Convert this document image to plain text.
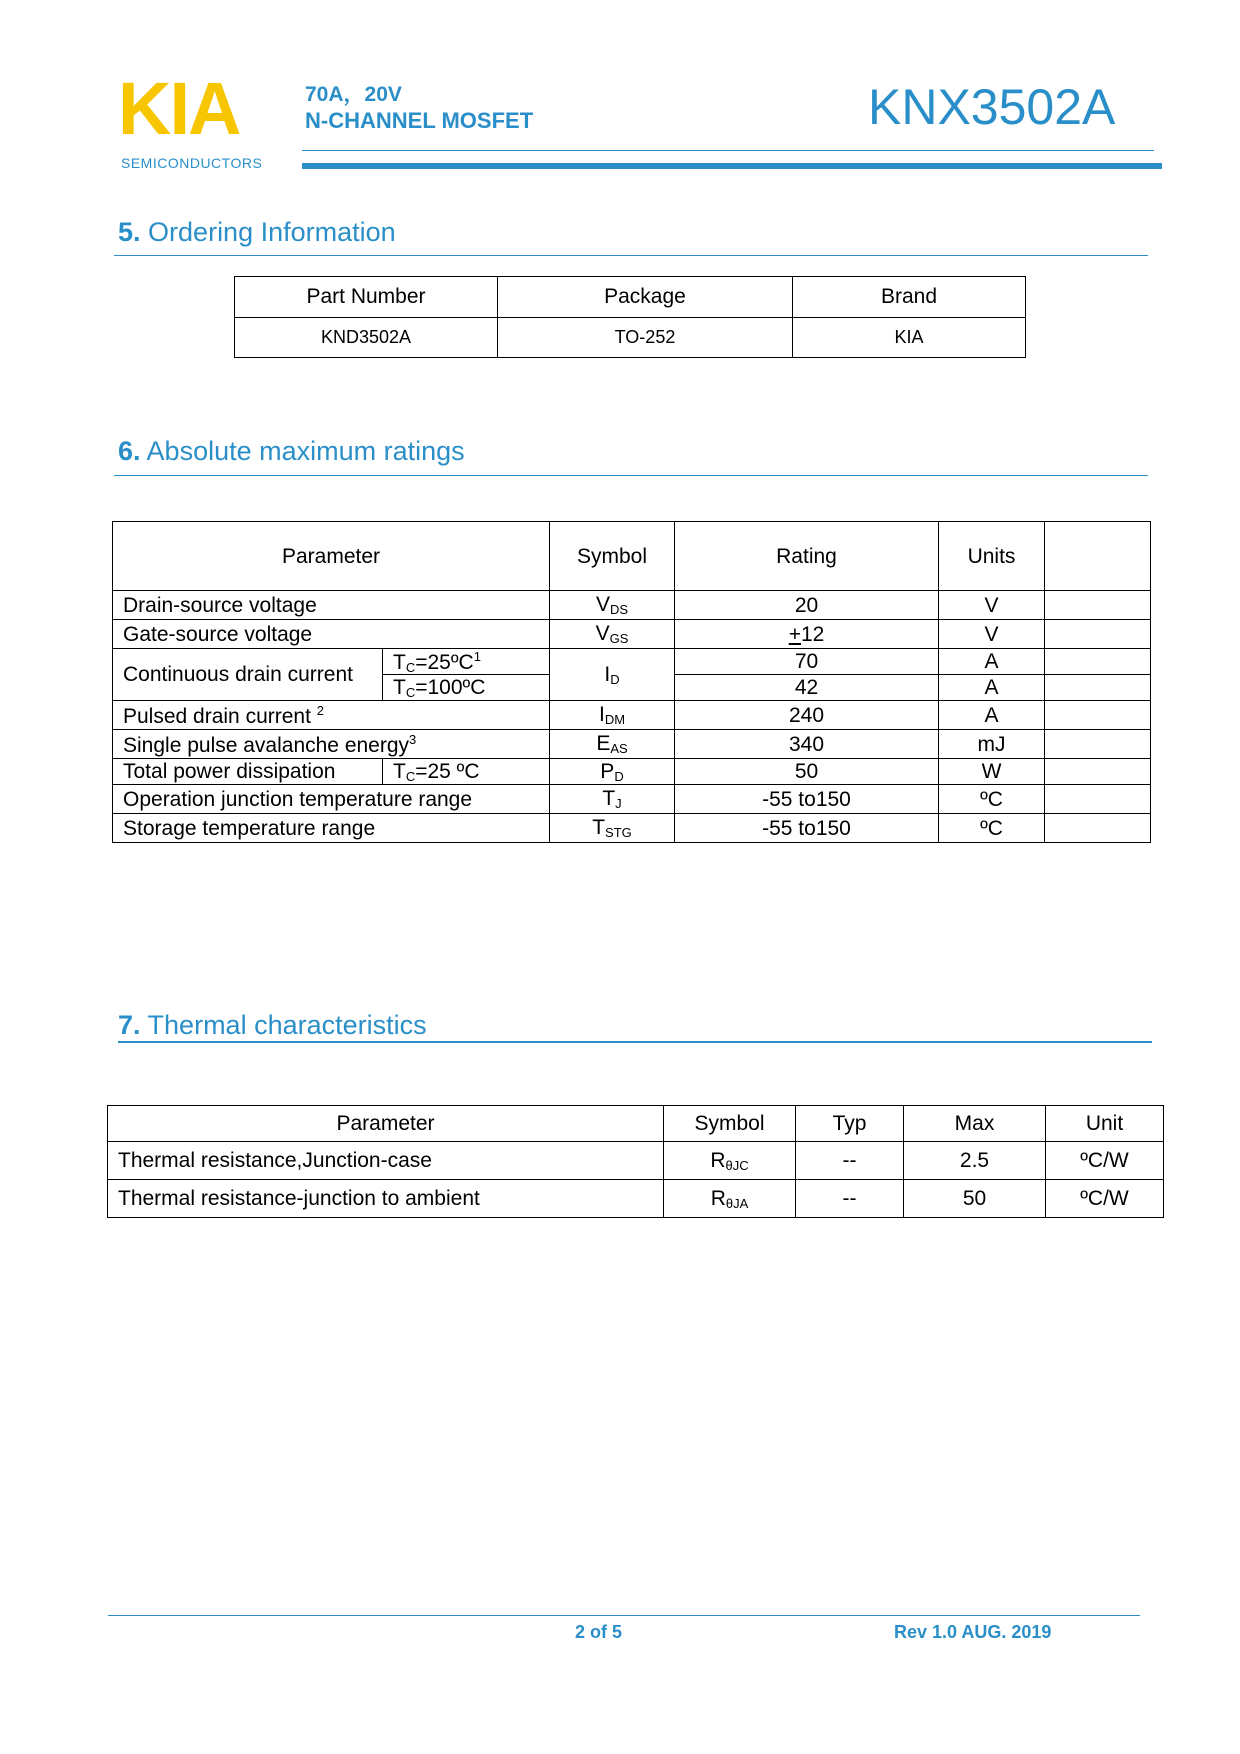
KIA
SEMICONDUCTORS
70A，20V
N-CHANNEL MOSFET	KNX3502A
5. Ordering Information
Part Number	Package	Brand
KND3502A	TO-252	KIA
6. Absolute maximum ratings
Parameter		Symbol	Rating	Units	
Drain-source voltage		$V_{DS}$	20	V	
Gate-source voltage		$V_{GS}$	+12	V	
Continuous drain current	$T_C=25ºC^1$	$I_D$	70	A	
	$T_C=100ºC$		42	A	
Pulsed drain current $^2$		$I_{DM}$	240	A	
Single pulse avalanche energy$^3$		$E_{AS}$	340	mJ	
Total power dissipation	$T_C=25$ ºC	$P_D$	50	W	
Operation junction temperature range		$T_J$	-55 to150	ºC	
Storage temperature range		$T_{STG}$	-55 to150	ºC	
7. Thermal characteristics
Parameter	Symbol	Typ	Max	Unit
Thermal resistance,Junction-case	$R_{\theta JC}$	--	2.5	ºC/W
Thermal resistance-junction to ambient	$R_{\theta JA}$	--	50	ºC/W
2 of 5	Rev 1.0 AUG. 2019
